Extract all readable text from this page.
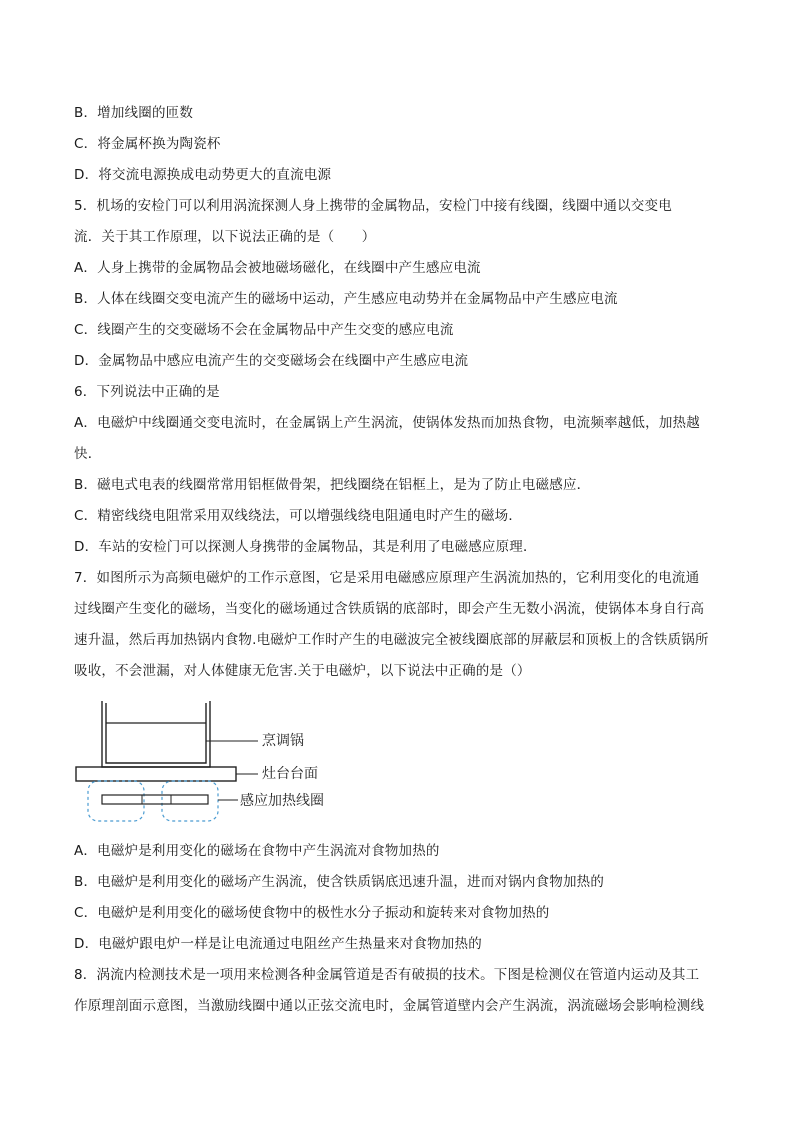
B．增加线圈的匝数
C．将金属杯换为陶瓷杯
D．将交流电源换成电动势更大的直流电源
5．机场的安检门可以利用涡流探测人身上携带的金属物品，安检门中接有线圈，线圈中通以交变电
流．关于其工作原理，以下说法正确的是（　　）
A．人身上携带的金属物品会被地磁场磁化，在线圈中产生感应电流
B．人体在线圈交变电流产生的磁场中运动，产生感应电动势并在金属物品中产生感应电流
C．线圈产生的交变磁场不会在金属物品中产生交变的感应电流
D．金属物品中感应电流产生的交变磁场会在线圈中产生感应电流
6．下列说法中正确的是
A．电磁炉中线圈通交变电流时，在金属锅上产生涡流，使锅体发热而加热食物，电流频率越低，加热越
快．
B．磁电式电表的线圈常常用铝框做骨架，把线圈绕在铝框上，是为了防止电磁感应．
C．精密线绕电阻常采用双线绕法，可以增强线绕电阻通电时产生的磁场．
D．车站的安检门可以探测人身携带的金属物品，其是利用了电磁感应原理．
7．如图所示为高频电磁炉的工作示意图，它是采用电磁感应原理产生涡流加热的，它利用变化的电流通
过线圈产生变化的磁场，当变化的磁场通过含铁质锅的底部时，即会产生无数小涡流，使锅体本身自行高
速升温，然后再加热锅内食物.电磁炉工作时产生的电磁波完全被线圈底部的屏蔽层和顶板上的含铁质锅所
吸收，不会泄漏，对人体健康无危害.关于电磁炉，以下说法中正确的是（）
烹调锅
灶台台面
感应加热线圈
A．电磁炉是利用变化的磁场在食物中产生涡流对食物加热的
B．电磁炉是利用变化的磁场产生涡流，使含铁质锅底迅速升温，进而对锅内食物加热的
C．电磁炉是利用变化的磁场使食物中的极性水分子振动和旋转来对食物加热的
D．电磁炉跟电炉一样是让电流通过电阻丝产生热量来对食物加热的
8．涡流内检测技术是一项用来检测各种金属管道是否有破损的技术。下图是检测仪在管道内运动及其工
作原理剖面示意图，当激励线圈中通以正弦交流电时，金属管道壁内会产生涡流，涡流磁场会影响检测线
